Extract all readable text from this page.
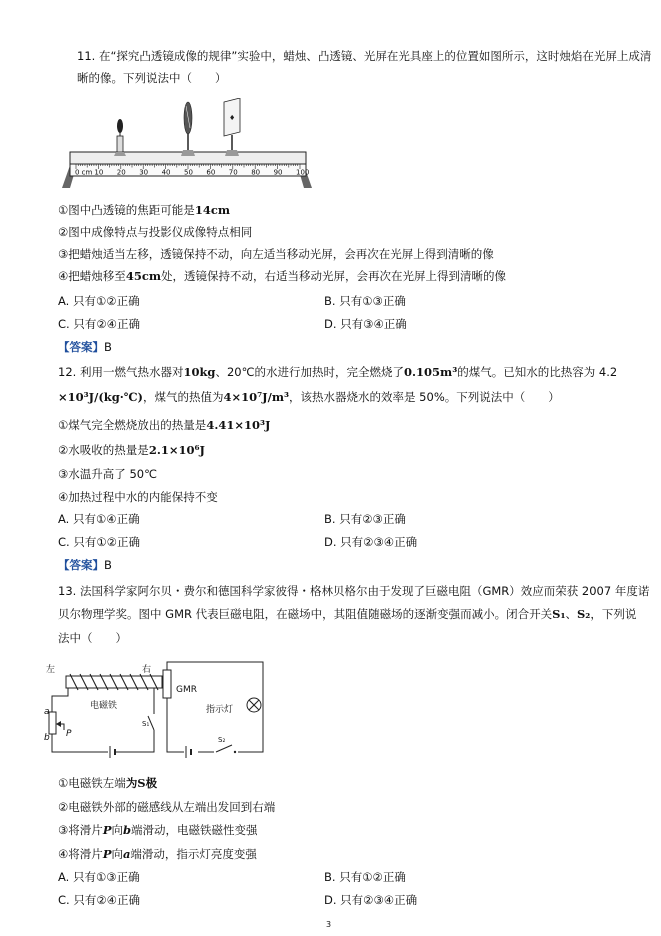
11. 在“探究凸透镜成像的规律”实验中，蜡烛、凸透镜、光屏在光具座上的位置如图所示，这时烛焰在光屏上成清
晰的像。下列说法中（　　）
0 cm 10 20 30 40 50 60 70 80 90 100
♦
①图中凸透镜的焦距可能是14cm
②图中成像特点与投影仪成像特点相同
③把蜡烛适当左移，透镜保持不动，向左适当移动光屏，会再次在光屏上得到清晰的像
④把蜡烛移至45cm处，透镜保持不动，右适当移动光屏，会再次在光屏上得到清晰的像
A. 只有①②正确	B. 只有①③正确
C. 只有②④正确	D. 只有③④正确
【答案】B
12. 利用一燃气热水器对10kg、20℃的水进行加热时，完全燃烧了0.105m³的煤气。已知水的比热容为 4.2
×10³J/(kg·℃)，煤气的热值为4×10⁷J/m³，该热水器烧水的效率是 50%。下列说法中（　　）
①煤气完全燃烧放出的热量是4.41×10³J
②水吸收的热量是2.1×10⁶J
③水温升高了 50℃
④加热过程中水的内能保持不变
A. 只有①④正确	B. 只有②③正确
C. 只有①②正确	D. 只有②③④正确
【答案】B
13. 法国科学家阿尔贝・费尔和德国科学家彼得・格林贝格尔由于发现了巨磁电阻（GMR）效应而荣获 2007 年度诺
贝尔物理学奖。图中 GMR 代表巨磁电阻，在磁场中，其阻值随磁场的逐渐变强而减小。闭合开关S₁、S₂，下列说
法中（　　）
左	右
电磁铁
a
b P
S₁
GMR
指示灯
S₂
①电磁铁左端为S极
②电磁铁外部的磁感线从左端出发回到右端
③将滑片P向b端滑动，电磁铁磁性变强
④将滑片P向a端滑动，指示灯亮度变强
A. 只有①③正确	B. 只有①②正确
C. 只有②④正确	D. 只有②③④正确
3
